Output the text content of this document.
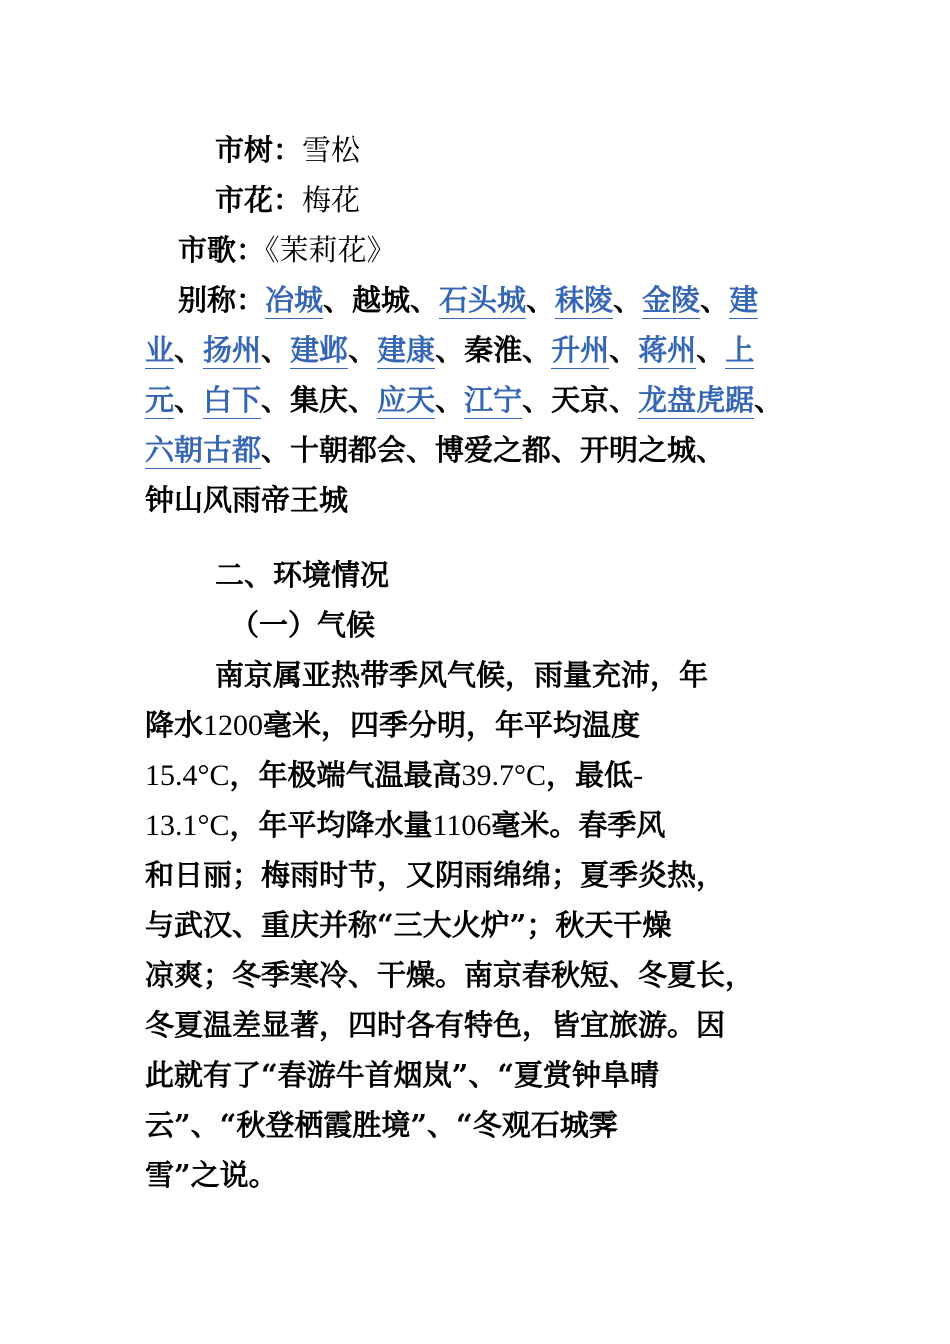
市树：雪松
市花：梅花
市歌：《茉莉花》
别称：冶城、越城、石头城、秣陵、金陵、建
业、扬州、建邺、建康、秦淮、升州、蒋州、上
元、白下、集庆、应天、江宁、天京、龙盘虎踞、
六朝古都、十朝都会、博爱之都、开明之城、
钟山风雨帝王城
二、环境情况
（一）气候
南京属亚热带季风气候，雨量充沛，年
降水1200毫米，四季分明，年平均温度
15.4°C，年极端气温最高39.7°C，最低-
13.1°C，年平均降水量1106毫米。春季风
和日丽；梅雨时节，又阴雨绵绵；夏季炎热，
与武汉、重庆并称“三大火炉”；秋天干燥
凉爽；冬季寒冷、干燥。南京春秋短、冬夏长，
冬夏温差显著，四时各有特色，皆宜旅游。因
此就有了“春游牛首烟岚”、“夏赏钟阜晴
云”、“秋登栖霞胜境”、“冬观石城霁
雪”之说。
